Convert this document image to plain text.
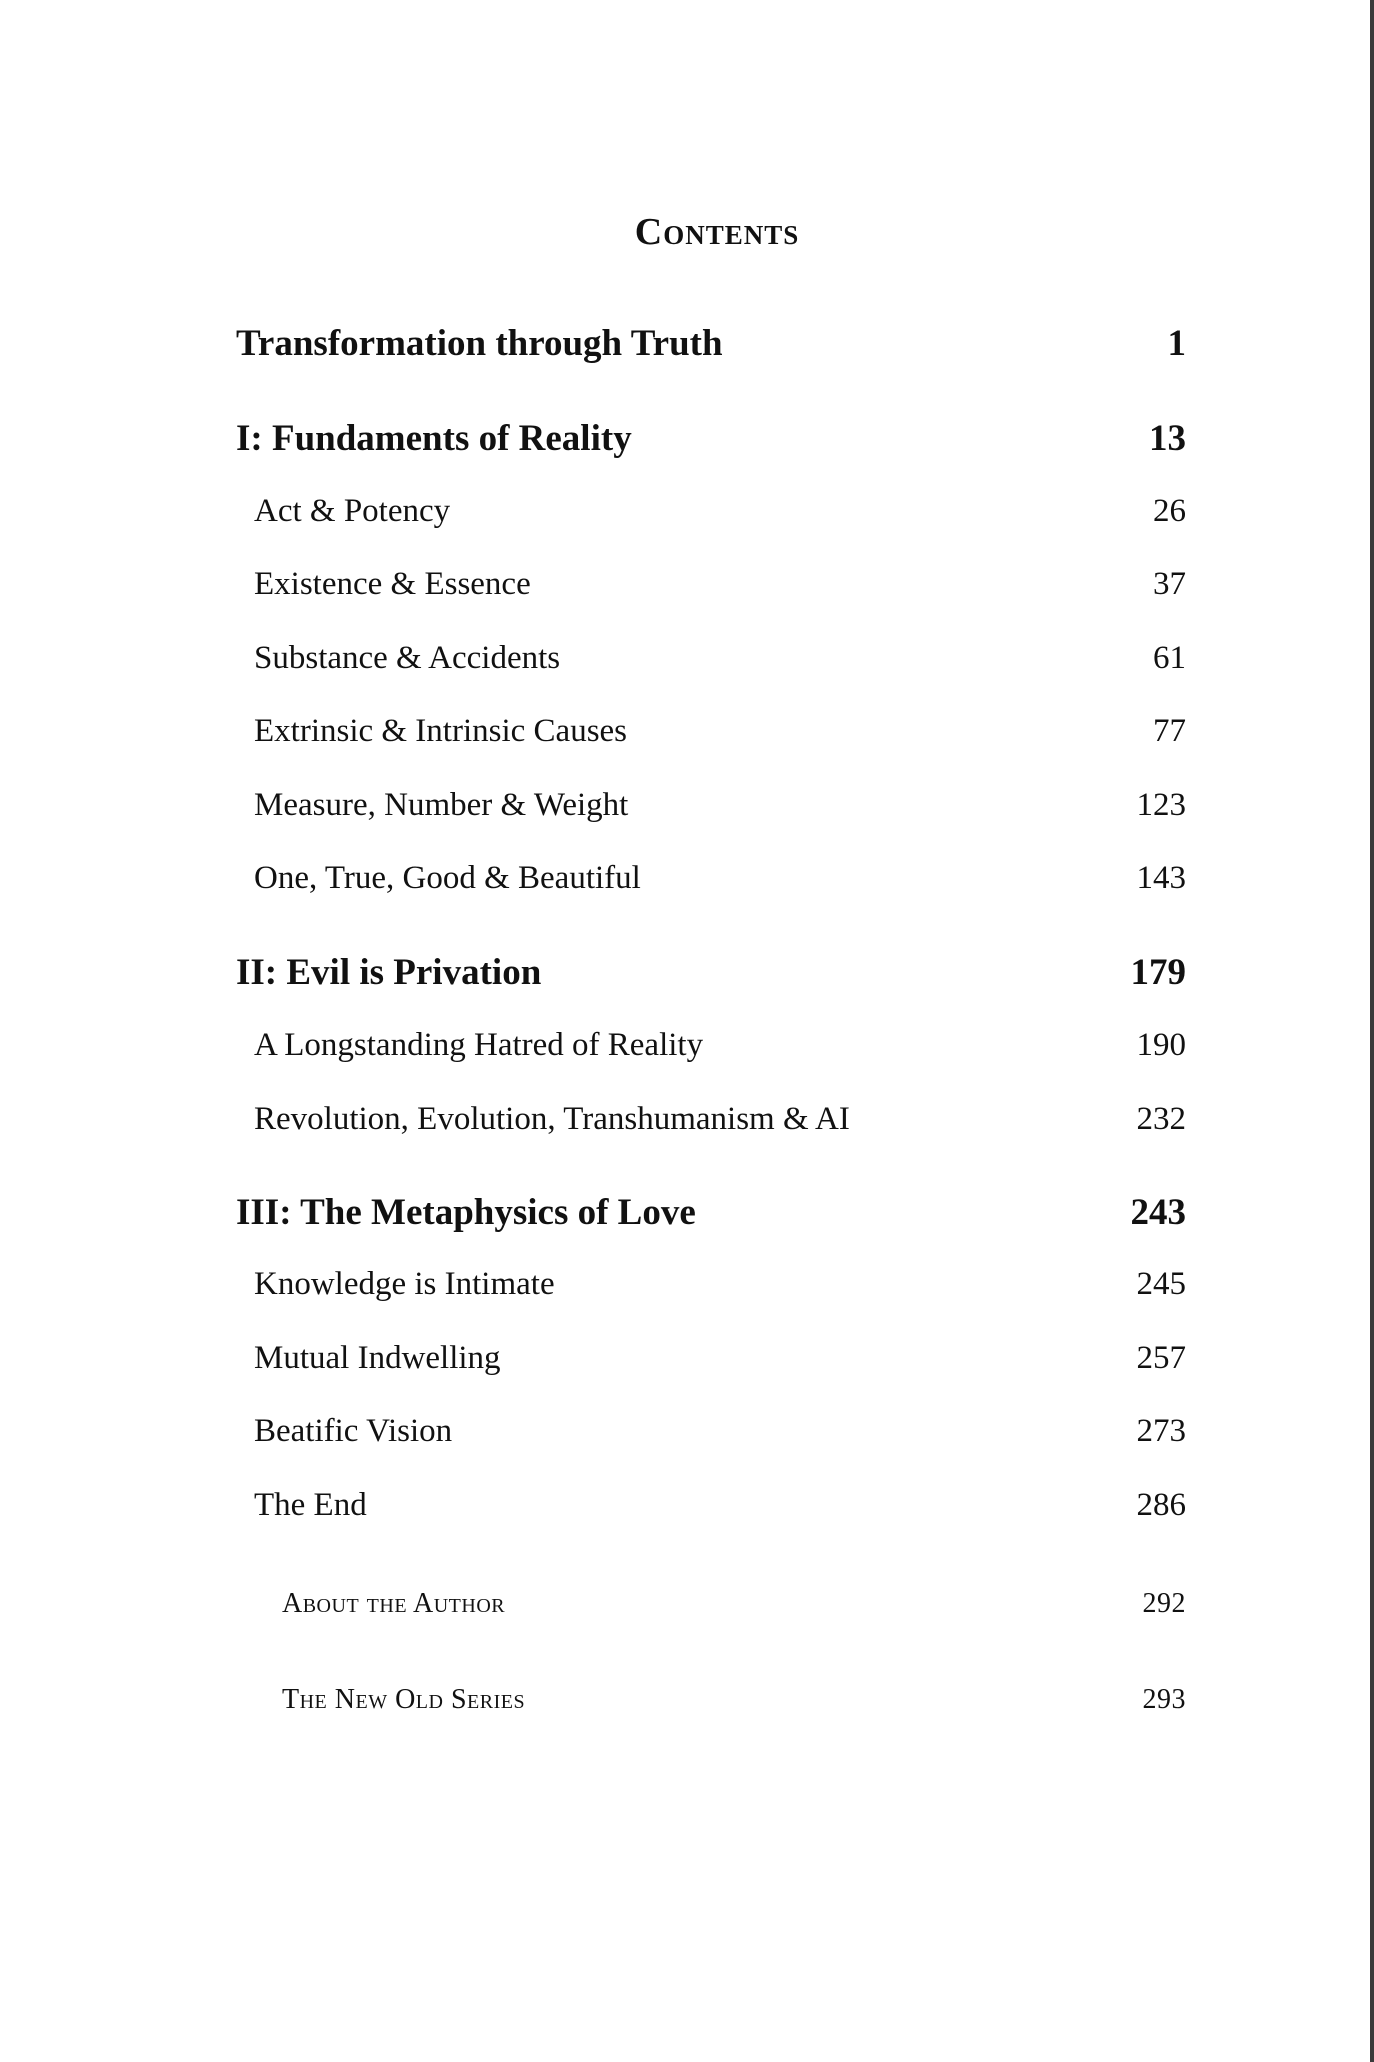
Contents
Transformation through Truth	1
I: Fundaments of Reality	13
Act & Potency	26
Existence & Essence	37
Substance & Accidents	61
Extrinsic & Intrinsic Causes	77
Measure, Number & Weight	123
One, True, Good & Beautiful	143
II: Evil is Privation	179
A Longstanding Hatred of Reality	190
Revolution, Evolution, Transhumanism & AI	232
III: The Metaphysics of Love	243
Knowledge is Intimate	245
Mutual Indwelling	257
Beatific Vision	273
The End	286
About the Author	292
The New Old Series	293
